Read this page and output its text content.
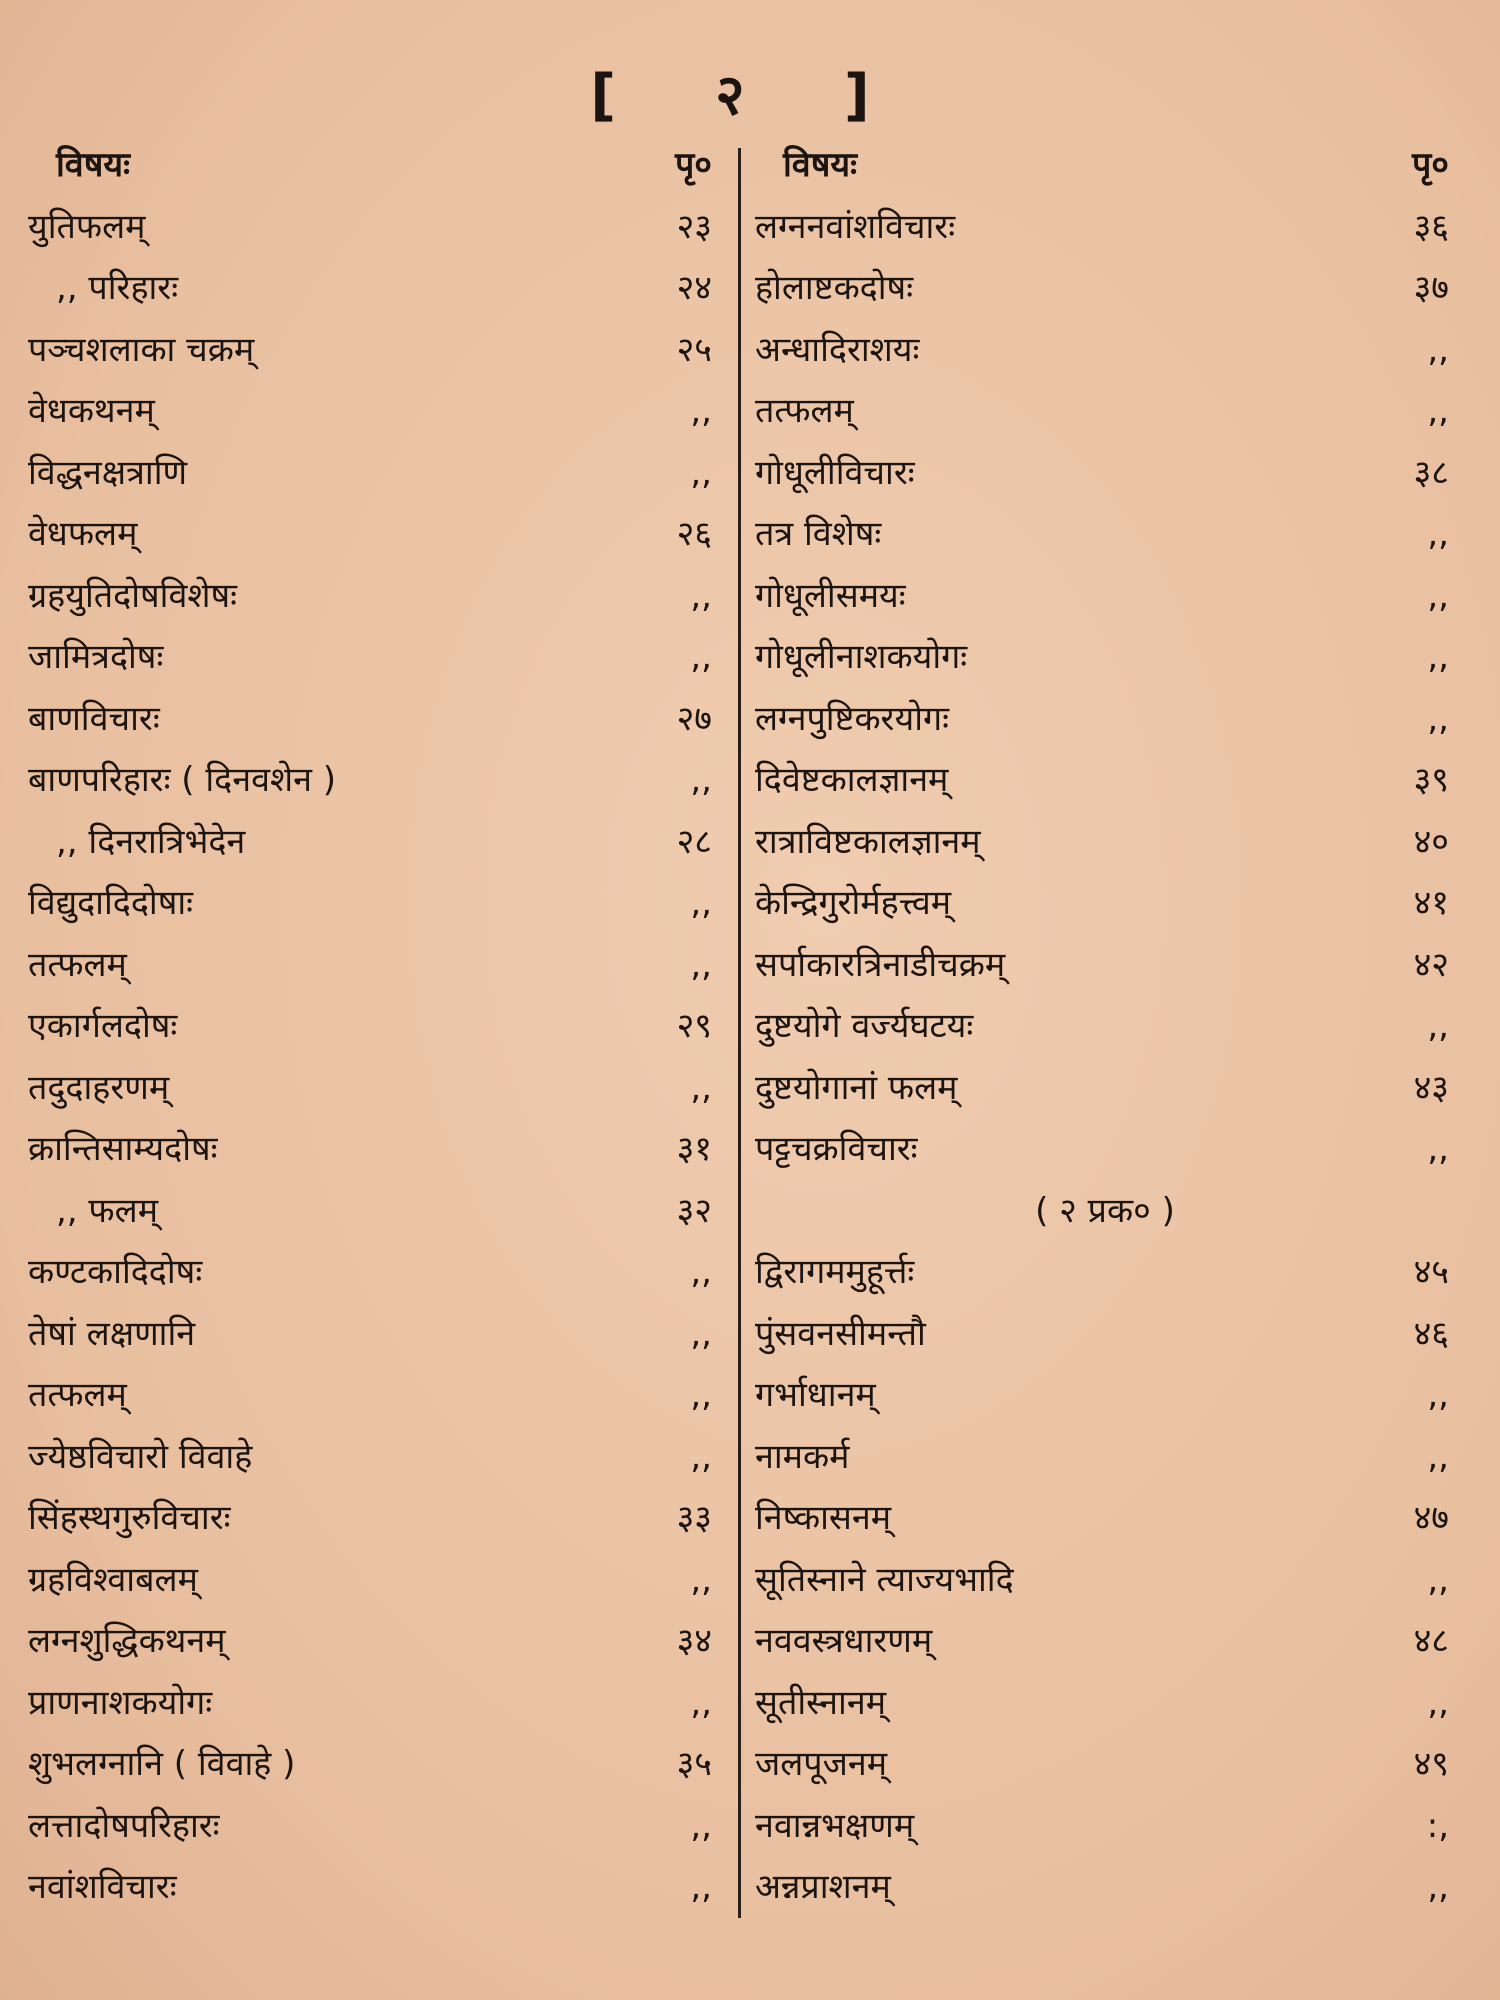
[ २ ]
विषयः	पृ०
युतिफलम्	२३
,, परिहारः	२४
पञ्चशलाका चक्रम्	२५
वेधकथनम्	,,
विद्धनक्षत्राणि	,,
वेधफलम्	२६
ग्रहयुतिदोषविशेषः	,,
जामित्रदोषः	,,
बाणविचारः	२७
बाणपरिहारः ( दिनवशेन )	,,
,, दिनरात्रिभेदेन	२८
विद्युदादिदोषाः	,,
तत्फलम्	,,
एकार्गलदोषः	२९
तदुदाहरणम्	,,
क्रान्तिसाम्यदोषः	३१
,, फलम्	३२
कण्टकादिदोषः	,,
तेषां लक्षणानि	,,
तत्फलम्	,,
ज्येष्ठविचारो विवाहे	,,
सिंहस्थगुरुविचारः	३३
ग्रहविश्वाबलम्	,,
लग्नशुद्धिकथनम्	३४
प्राणनाशकयोगः	,,
शुभलग्नानि ( विवाहे )	३५
लत्तादोषपरिहारः	,,
नवांशविचारः	,,
विषयः	पृ०
लग्ननवांशविचारः	३६
होलाष्टकदोषः	३७
अन्धादिराशयः	,,
तत्फलम्	,,
गोधूलीविचारः	३८
तत्र विशेषः	,,
गोधूलीसमयः	,,
गोधूलीनाशकयोगः	,,
लग्नपुष्टिकरयोगः	,,
दिवेष्टकालज्ञानम्	३९
रात्राविष्टकालज्ञानम्	४०
केन्द्रिगुरोर्महत्त्वम्	४१
सर्पाकारत्रिनाडीचक्रम्	४२
दुष्टयोगे वर्ज्यघटयः	,,
दुष्टयोगानां फलम्	४३
पट्टचक्रविचारः	,,
( २ प्रक० )
द्विरागममुहूर्त्तः	४५
पुंसवनसीमन्तौ	४६
गर्भाधानम्	,,
नामकर्म	,,
निष्कासनम्	४७
सूतिस्नाने त्याज्यभादि	,,
नववस्त्रधारणम्	४८
सूतीस्नानम्	,,
जलपूजनम्	४९
नवान्नभक्षणम्	:,
अन्नप्राशनम्	,,
